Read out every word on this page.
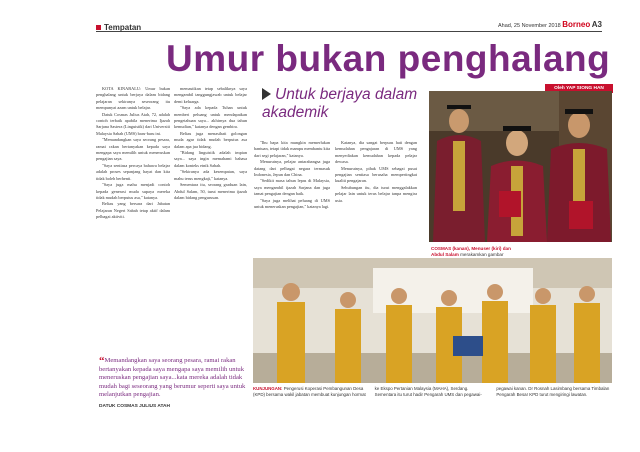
Tempatan	Ahad, 25 November 2018 Borneo A3
Umur bukan penghalang
Oleh YAP SIONG HAN

KOTA KINABALU: Umur bukan penghalang untuk berjaya dalam bidang pelajaran sekiranya seseorang itu mempunyai azam untuk belajar.

Datuk Cosmas Julius Atah, 72, adalah contoh terbaik apabila menerima Ijazah Sarjana Sastera (Linguistik) dari Universiti Malaysia Sabah (UMS) baru-baru ini.

"Memandangkan saya seorang pesara, ramai rakan bertanyakan kepada saya mengapa saya memilih untuk meneruskan pengajian saya.

"Saya sentiasa percaya bahawa belajar adalah proses sepanjang hayat dan kita tidak boleh berhenti.

"Saya juga mahu menjadi contoh kepada generasi muda supaya mereka tidak mudah berputus asa," katanya.

Beliau yang bersara dari Jabatan Pelajaran Negeri Sabah tetap aktif dalam pelbagai aktiviti.

memastikan tetap sebaliknya saya mengambil tanggungjawab untuk belajar demi keluarga.

"Saya ada kepada Tuhan untuk memberi peluang untuk mendapatkan pengetahuan saya... akhirnya dua tahun kemudian," katanya dengan gembira.

Beliau juga menasihati golongan muda agar tidak mudah berputus asa dalam apa jua bidang.

"Bidang linguistik adalah impian saya... saya ingin memahami bahasa dalam konteks etnik Sabah.

"Sekiranya ada kesempatan, saya mahu terus mengkaji," katanya.

Sementara itu, seorang graduan lain, Abdul Salam, 50, turut menerima ijazah dalam bidang pengurusan.

Untuk berjaya dalam akademik

"Ibu bapa kita mungkin memerlukan bantuan, tetapi tidak mampu membantu kita dari segi pelajaran," katanya.

Menurutnya, pelajar antarabangsa juga datang dari pelbagai negara termasuk Indonesia, Jepun dan China.

"Sedikit masa tahun lepas di Malaysia, saya mengambil ijazah Sarjana dan juga tamat pengajian dengan baik.

"Saya juga melihat peluang di UMS untuk meneruskan pengajian," katanya lagi.

Katanya, dia sangat berpuas hati dengan kemudahan pengajaran di UMS yang menyediakan kemudahan kepada pelajar dewasa.

Menurutnya, pihak UMS sebagai pusat pengajian sentiasa berusaha mempertingkat kualiti pengajaran.

Sehubungan itu, dia turut menggalakkan pelajar lain untuk terus belajar tanpa mengira usia.

COSMAS (kanan), Menuser (kiri) dan Abdul Salam merakamkan gambar
KUNJUNGAN: Pengerusi Koperasi Pembangunan Desa (KPD) bersama wakil jabatan membuat kunjungan hormat ke Ekspo Pertanian Malaysia (MAHA), Serdang. Sementara itu turut hadir Pengarah UMS dan pegawai-pegawai kanan. Dr Rosnah Lasimbang bersama Timbalan Pengarah Besar KPD turut mengiringi lawatan.
“Memandangkan saya seorang pesara, ramai rakan bertanyakan kepada saya mengapa saya memilih untuk meneruskan pengajian saya...kata mereka adalah tidak mudah bagi seseorang yang berumur seperti saya untuk melanjutkan pengajian.
DATUK COSMAS JULIUS ATAH
